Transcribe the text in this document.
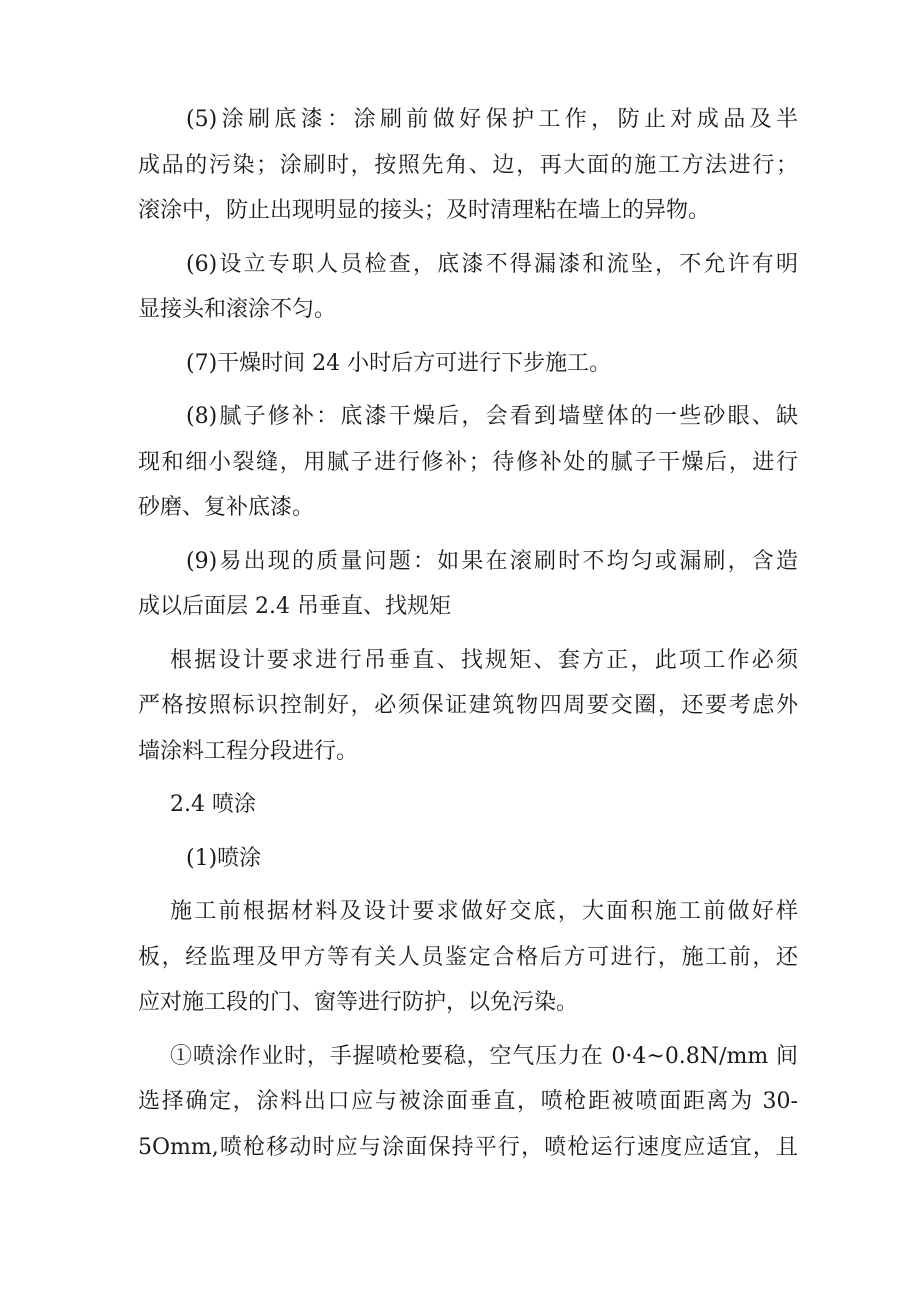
(5)涂刷底漆：涂刷前做好保护工作，防止对成品及半
成品的污染；涂刷时，按照先角、边，再大面的施工方法进行；
滚涂中，防止出现明显的接头；及时清理粘在墙上的异物。
(6)设立专职人员检查，底漆不得漏漆和流坠，不允许有明
显接头和滚涂不匀。
(7)干燥时间 24 小时后方可进行下步施工。
(8)腻子修补：底漆干燥后，会看到墙壁体的一些砂眼、缺
现和细小裂缝，用腻子进行修补；待修补处的腻子干燥后，进行
砂磨、复补底漆。
(9)易出现的质量问题：如果在滚刷时不均匀或漏刷，含造
成以后面层 2.4 吊垂直、找规矩
根据设计要求进行吊垂直、找规矩、套方正，此项工作必须
严格按照标识控制好，必须保证建筑物四周要交圈，还要考虑外
墙涂料工程分段进行。
2.4 喷涂
(1)喷涂
施工前根据材料及设计要求做好交底，大面积施工前做好样
板，经监理及甲方等有关人员鉴定合格后方可进行，施工前，还
应对施工段的门、窗等进行防护，以免污染。
①喷涂作业时，手握喷枪要稳，空气压力在 0·4~0.8N∕mm 间
选择确定，涂料出口应与被涂面垂直，喷枪距被喷面距离为 30-
5Omm,喷枪移动时应与涂面保持平行，喷枪运行速度应适宜，且
